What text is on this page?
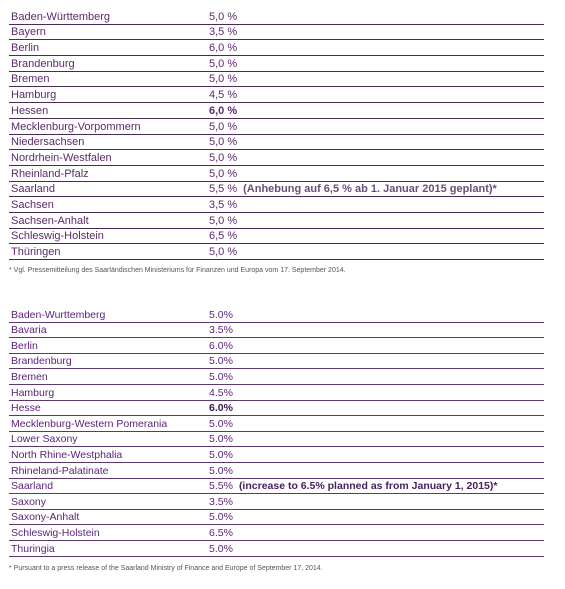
Baden-Württemberg	5,0 %
Bayern	3,5 %
Berlin	6,0 %
Brandenburg	5,0 %
Bremen	5,0 %
Hamburg	4,5 %
Hessen	6,0 %
Mecklenburg-Vorpommern	5,0 %
Niedersachsen	5,0 %
Nordrhein-Westfalen	5,0 %
Rheinland-Pfalz	5,0 %
Saarland	5,5 % (Anhebung auf 6,5 % ab 1. Januar 2015 geplant)*
Sachsen	3,5 %
Sachsen-Anhalt	5,0 %
Schleswig-Holstein	6,5 %
Thüringen	5,0 %
* Vgl. Pressemitteilung des Saarländischen Ministeriums für Finanzen und Europa vom 17. September 2014.
Baden-Wurttemberg	5.0%
Bavaria	3.5%
Berlin	6.0%
Brandenburg	5.0%
Bremen	5.0%
Hamburg	4.5%
Hesse	6.0%
Mecklenburg-Western Pomerania	5.0%
Lower Saxony	5.0%
North Rhine-Westphalia	5.0%
Rhineland-Palatinate	5.0%
Saarland	5.5% (increase to 6.5% planned as from January 1, 2015)*
Saxony	3.5%
Saxony-Anhalt	5.0%
Schleswig-Holstein	6.5%
Thuringia	5.0%
* Pursuant to a press release of the Saarland Ministry of Finance and Europe of September 17, 2014.
